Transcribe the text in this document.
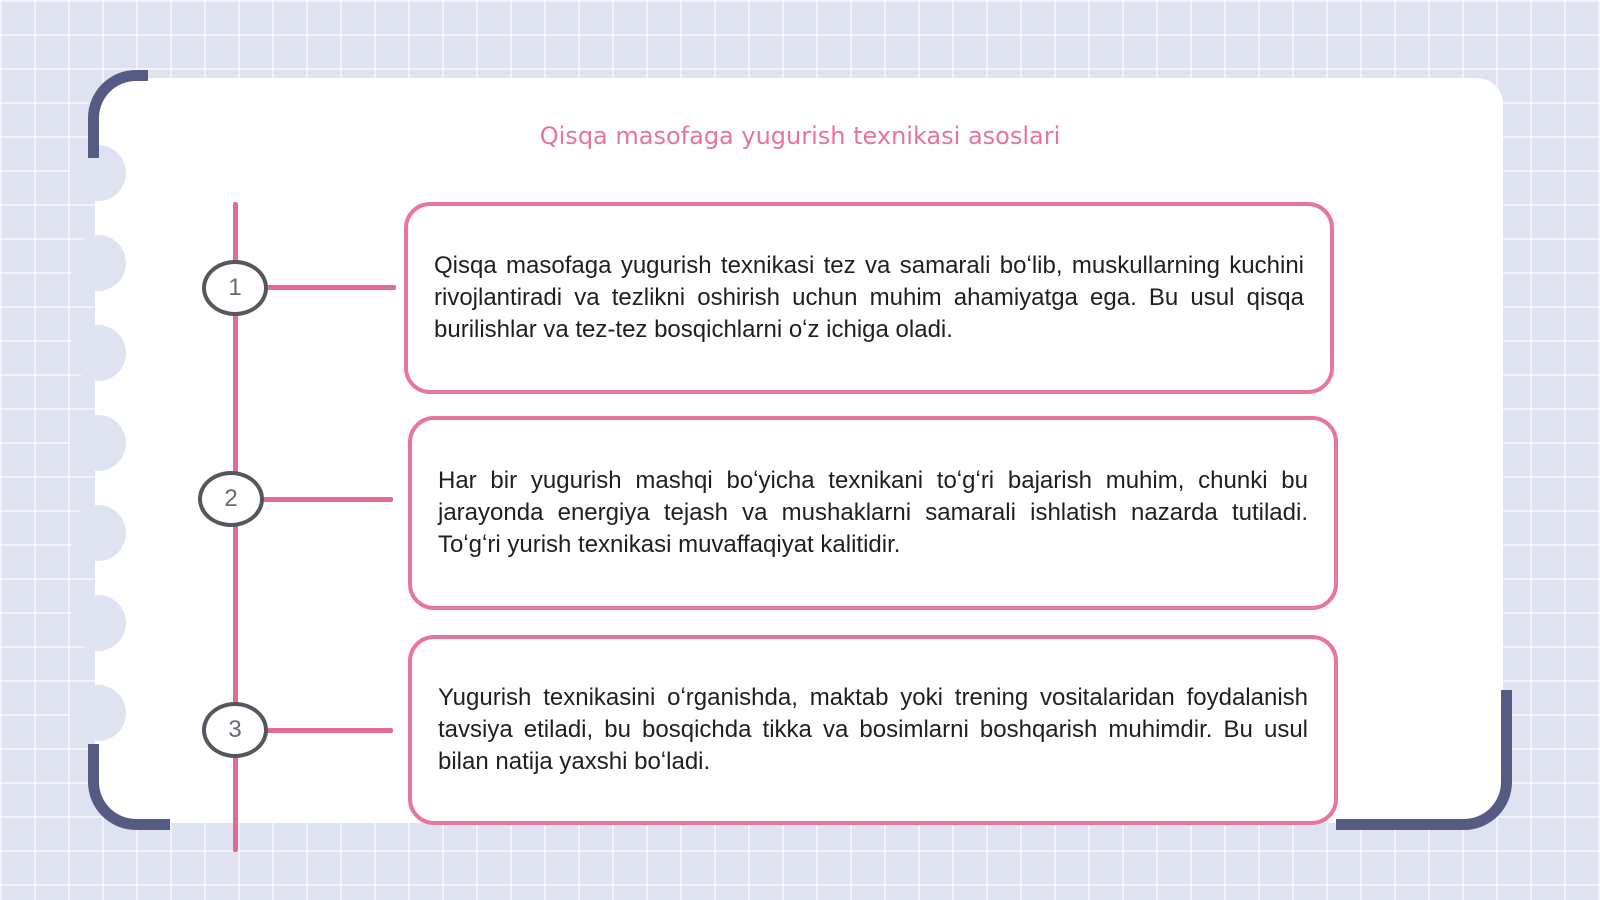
Qisqa masofaga yugurish texnikasi asoslari
1

Qisqa masofaga yugurish texnikasi tez va samarali boʻlib, muskullarning kuchini rivojlantiradi va tezlikni oshirish uchun muhim ahamiyatga ega. Bu usul qisqa burilishlar va tez-tez bosqichlarni oʻz ichiga oladi.

2

Har bir yugurish mashqi boʻyicha texnikani toʻgʻri bajarish muhim, chunki bu jarayonda energiya tejash va mushaklarni samarali ishlatish nazarda tutiladi. Toʻgʻri yurish texnikasi muvaffaqiyat kalitidir.

3

Yugurish texnikasini oʻrganishda, maktab yoki trening vositalaridan foydalanish tavsiya etiladi, bu bosqichda tikka va bosimlarni boshqarish muhimdir. Bu usul bilan natija yaxshi boʻladi.
